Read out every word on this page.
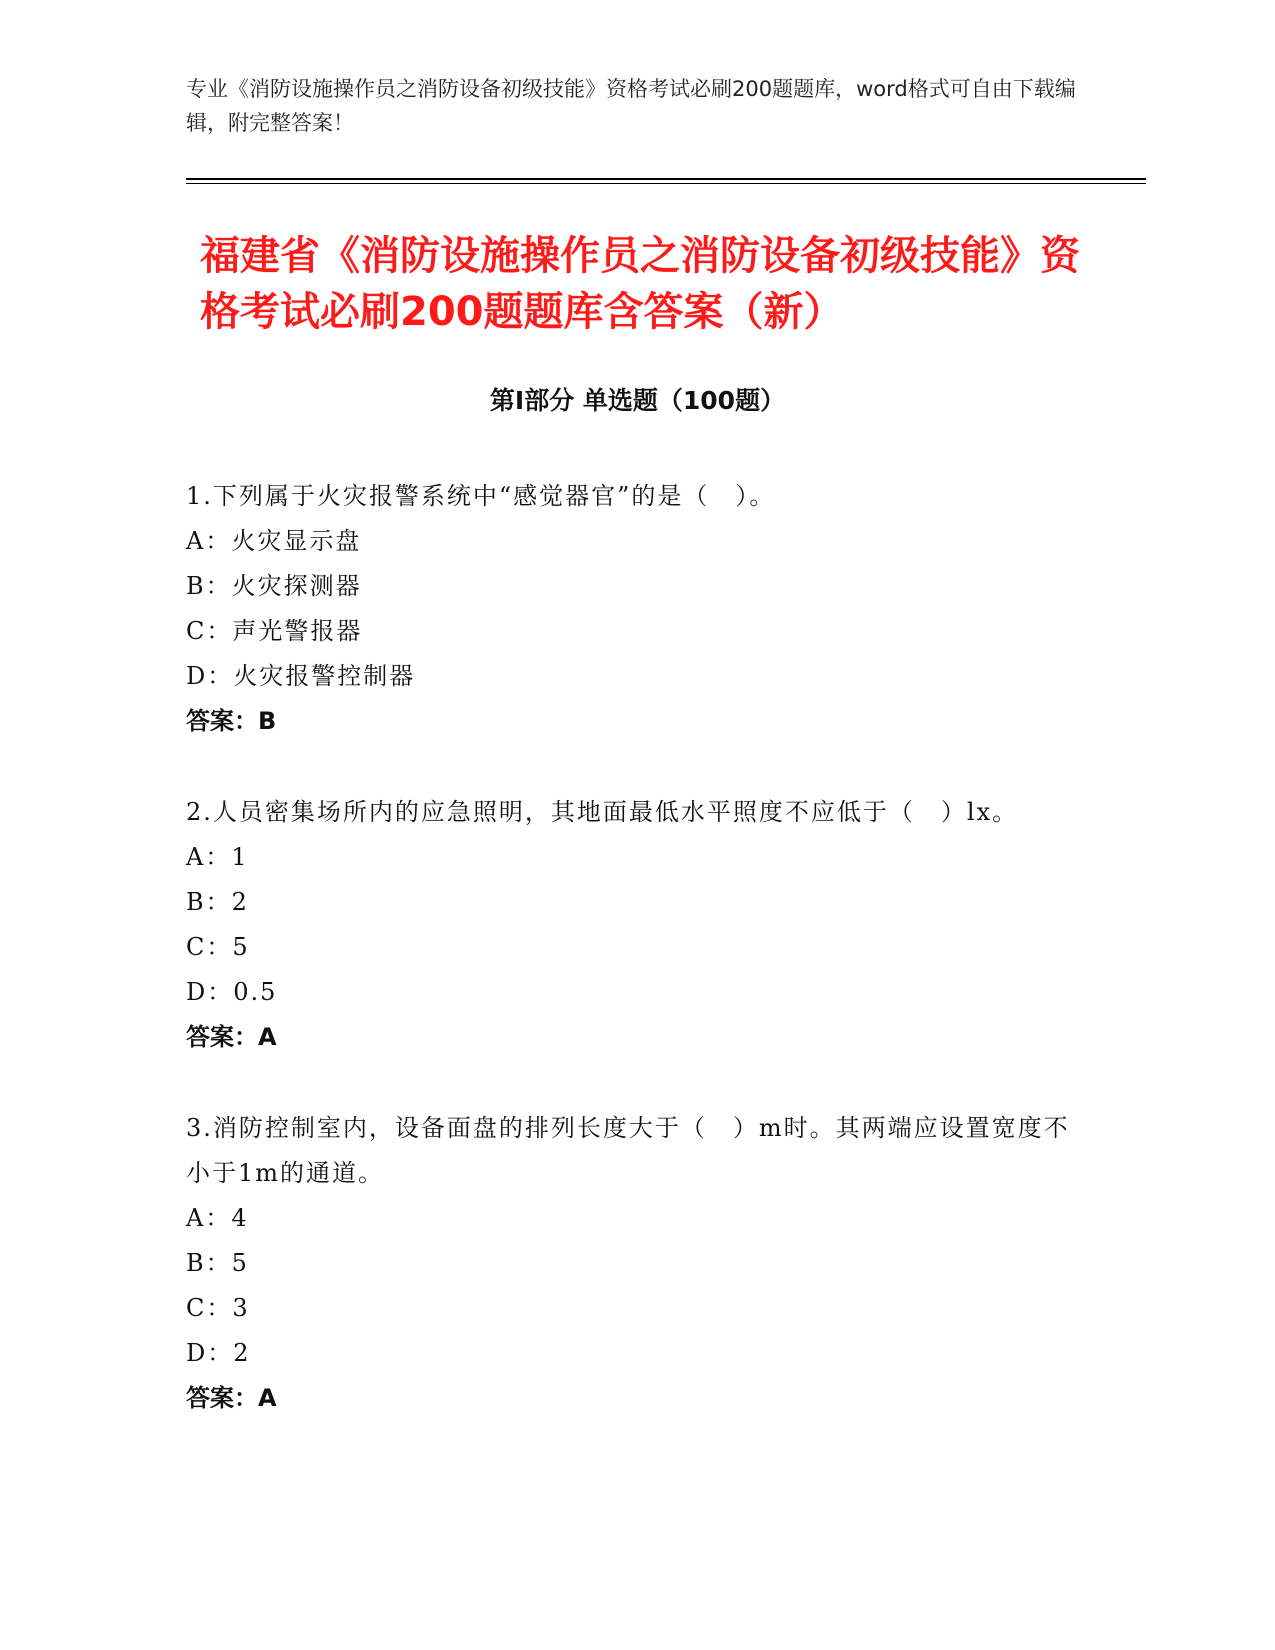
专业《消防设施操作员之消防设备初级技能》资格考试必刷200题题库，word格式可自由下载编辑，附完整答案！
福建省《消防设施操作员之消防设备初级技能》资格考试必刷200题题库含答案（新）
第Ⅰ部分 单选题（100题）

1.下列属于火灾报警系统中“感觉器官”的是（　）。

A：火灾显示盘

B：火灾探测器

C：声光警报器

D：火灾报警控制器

答案：B

2.人员密集场所内的应急照明，其地面最低水平照度不应低于（　）lx。

A：1

B：2

C：5

D：0.5

答案：A

3.消防控制室内，设备面盘的排列长度大于（　）m时。其两端应设置宽度不小于1m的通道。

A：4

B：5

C：3

D：2

答案：A
